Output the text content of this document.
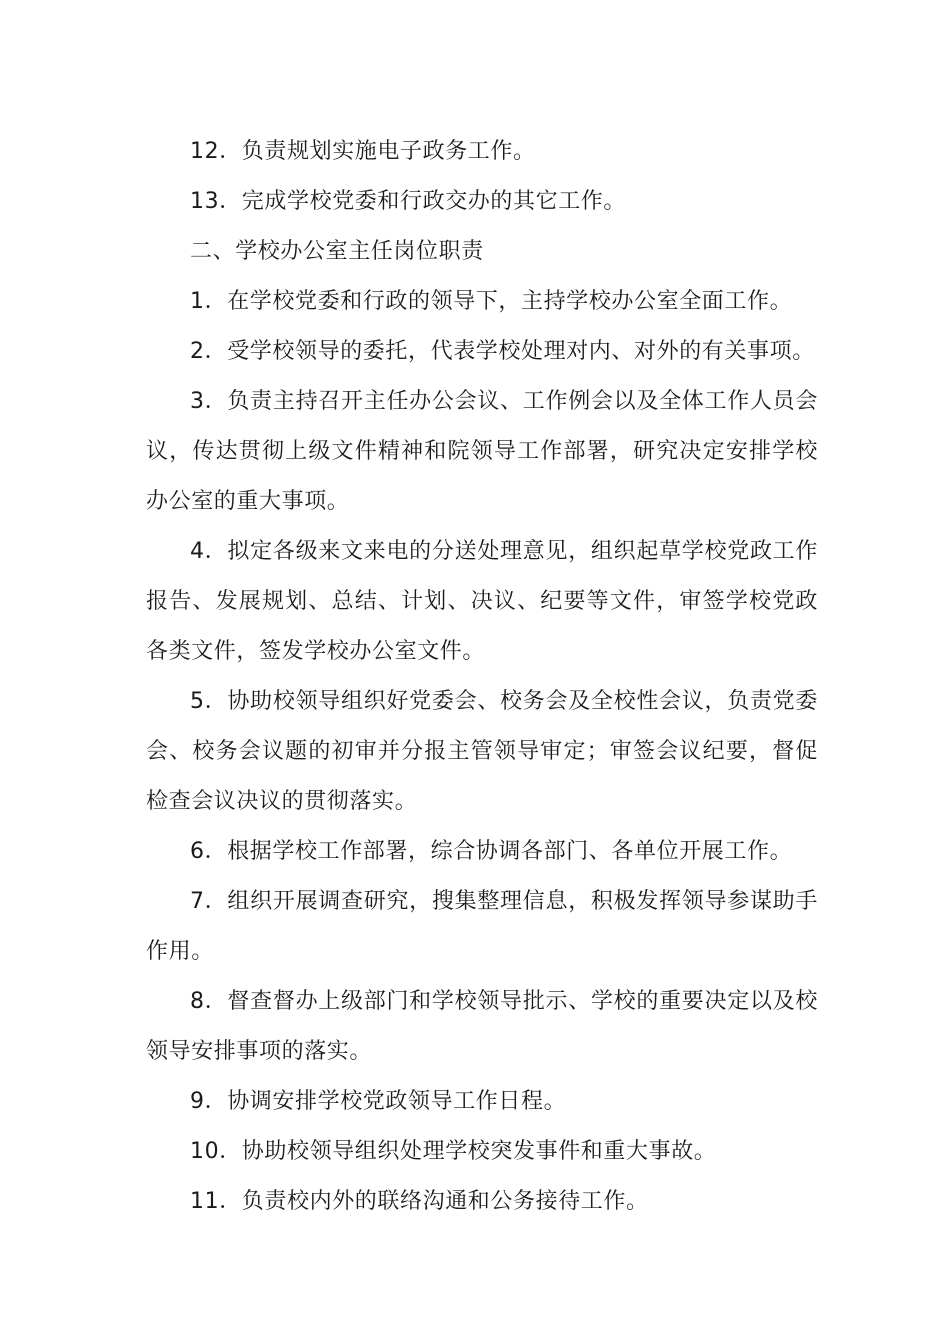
12．负责规划实施电子政务工作。

13．完成学校党委和行政交办的其它工作。

二、学校办公室主任岗位职责

1．在学校党委和行政的领导下，主持学校办公室全面工作。

2．受学校领导的委托，代表学校处理对内、对外的有关事项。

3．负责主持召开主任办公会议、工作例会以及全体工作人员会议，传达贯彻上级文件精神和院领导工作部署，研究决定安排学校办公室的重大事项。

4．拟定各级来文来电的分送处理意见，组织起草学校党政工作报告、发展规划、总结、计划、决议、纪要等文件，审签学校党政各类文件，签发学校办公室文件。

5．协助校领导组织好党委会、校务会及全校性会议，负责党委会、校务会议题的初审并分报主管领导审定；审签会议纪要，督促检查会议决议的贯彻落实。

6．根据学校工作部署，综合协调各部门、各单位开展工作。

7．组织开展调查研究，搜集整理信息，积极发挥领导参谋助手作用。

8．督查督办上级部门和学校领导批示、学校的重要决定以及校领导安排事项的落实。

9．协调安排学校党政领导工作日程。

10．协助校领导组织处理学校突发事件和重大事故。

11．负责校内外的联络沟通和公务接待工作。
